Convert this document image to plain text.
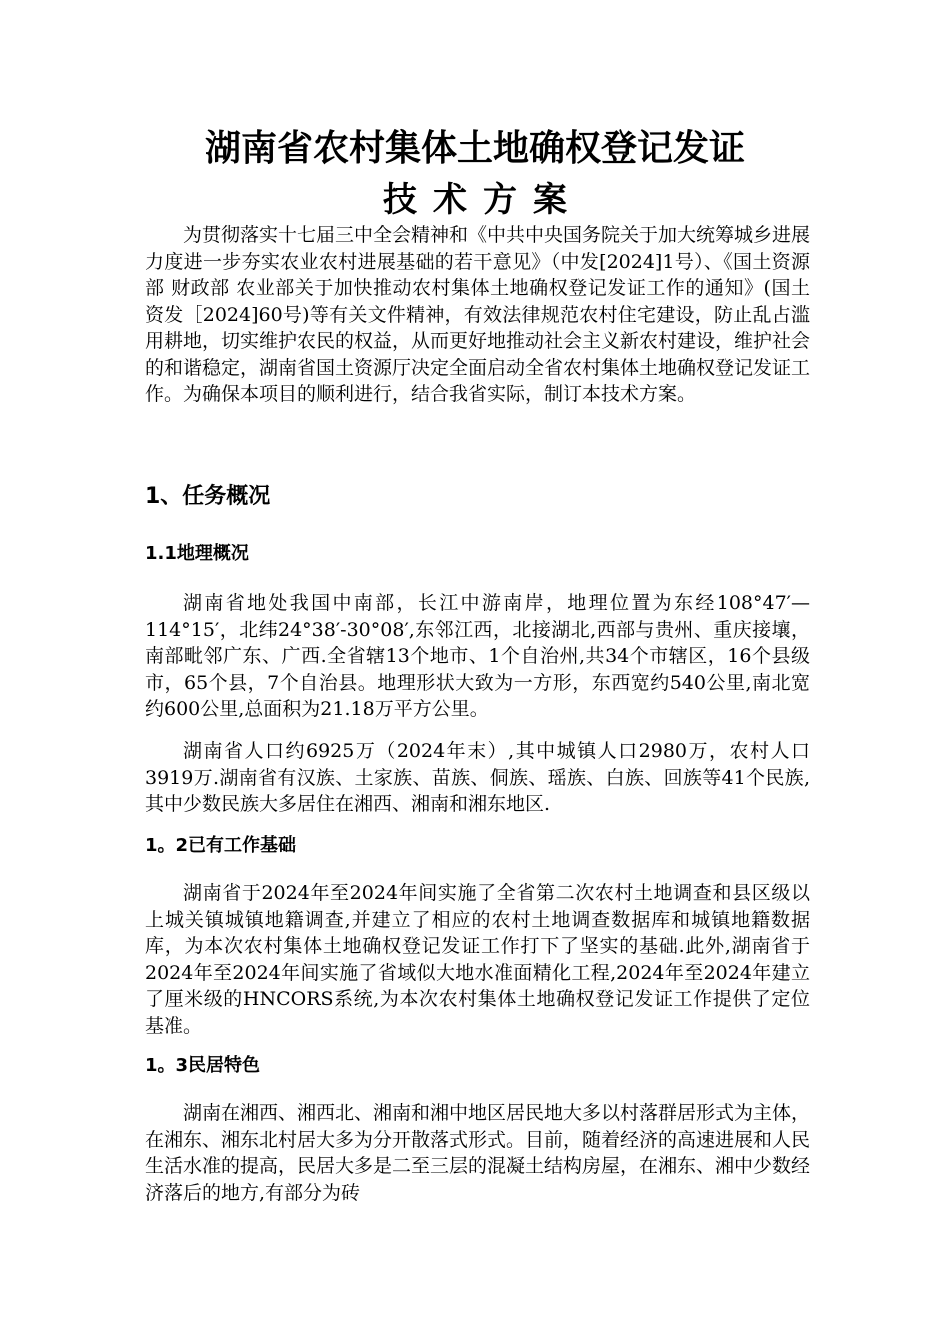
湖南省农村集体土地确权登记发证
技术方案

为贯彻落实十七届三中全会精神和《中共中央国务院关于加大统筹城乡进展力度进一步夯实农业农村进展基础的若干意见》（中发[2024]1号）、《国土资源部 财政部 农业部关于加快推动农村集体土地确权登记发证工作的通知》(国土资发［2024]60号)等有关文件精神，有效法律规范农村住宅建设，防止乱占滥用耕地，切实维护农民的权益，从而更好地推动社会主义新农村建设，维护社会的和谐稳定，湖南省国土资源厅决定全面启动全省农村集体土地确权登记发证工作。为确保本项目的顺利进行，结合我省实际，制订本技术方案。

1、任务概况
1.1地理概况

湖南省地处我国中南部，长江中游南岸，地理位置为东经108°47′—114°15′，北纬24°38′-30°08′,东邻江西，北接湖北,西部与贵州、重庆接壤，南部毗邻广东、广西.全省辖13个地市、1个自治州,共34个市辖区，16个县级市，65个县，7个自治县。地理形状大致为一方形，东西宽约540公里,南北宽约600公里,总面积为21.18万平方公里。

湖南省人口约6925万（2024年末）,其中城镇人口2980万，农村人口3919万.湖南省有汉族、土家族、苗族、侗族、瑶族、白族、回族等41个民族,其中少数民族大多居住在湘西、湘南和湘东地区.

1。2已有工作基础

湖南省于2024年至2024年间实施了全省第二次农村土地调查和县区级以上城关镇城镇地籍调查,并建立了相应的农村土地调查数据库和城镇地籍数据库，为本次农村集体土地确权登记发证工作打下了坚实的基础.此外,湖南省于2024年至2024年间实施了省域似大地水准面精化工程,2024年至2024年建立了厘米级的HNCORS系统,为本次农村集体土地确权登记发证工作提供了定位基准。

1。3民居特色

湖南在湘西、湘西北、湘南和湘中地区居民地大多以村落群居形式为主体，在湘东、湘东北村居大多为分开散落式形式。目前，随着经济的高速进展和人民生活水准的提高，民居大多是二至三层的混凝土结构房屋，在湘东、湘中少数经济落后的地方,有部分为砖
